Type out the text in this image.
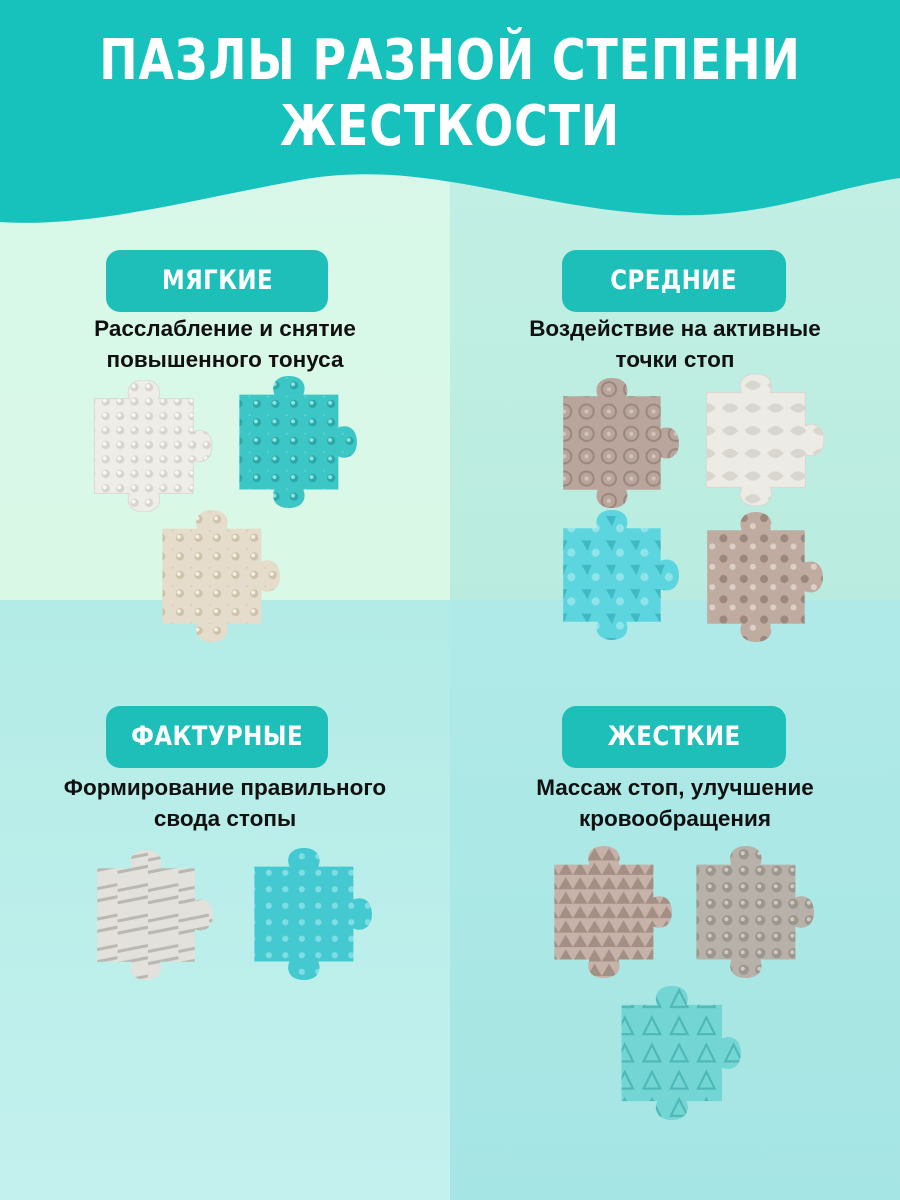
ПАЗЛЫ РАЗНОЙ СТЕПЕНИ
ЖЕСТКОСТИ
МЯГКИЕ
Расслабление и снятие
повышенного тонуса
СРЕДНИЕ
Воздействие на активные
точки стоп
ФАКТУРНЫЕ
Формирование правильного
свода стопы
ЖЕСТКИЕ
Массаж стоп, улучшение
кровообращения
